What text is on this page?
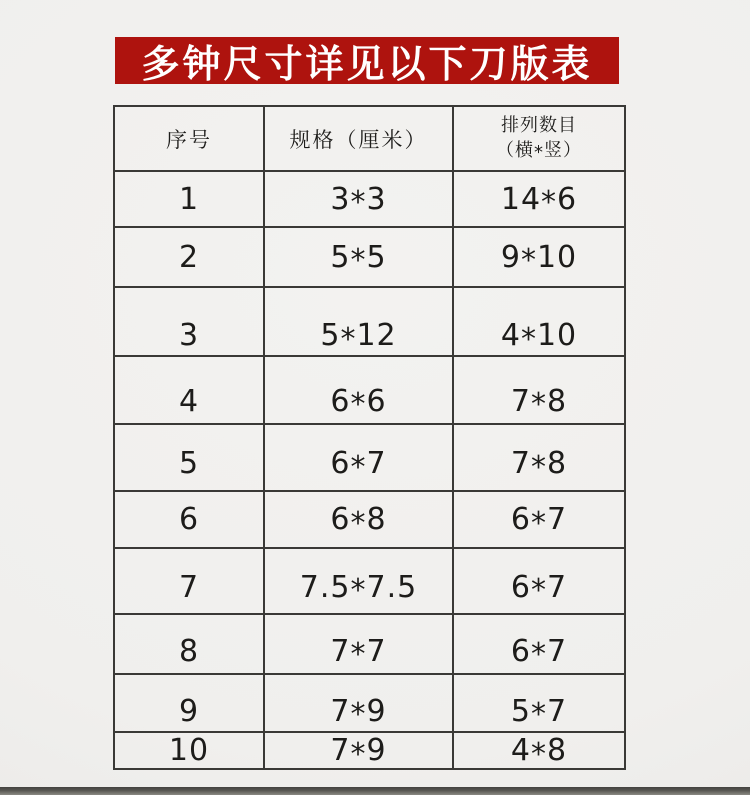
多钟尺寸详见以下刀版表
序号	规格（厘米）	排列数目
（横*竖）

1	3*3	14*6
2	5*5	9*10
3	5*12	4*10
4	6*6	7*8
5	6*7	7*8
6	6*8	6*7
7	7.5*7.5	6*7
8	7*7	6*7
9	7*9	5*7
10	7*9	4*8
